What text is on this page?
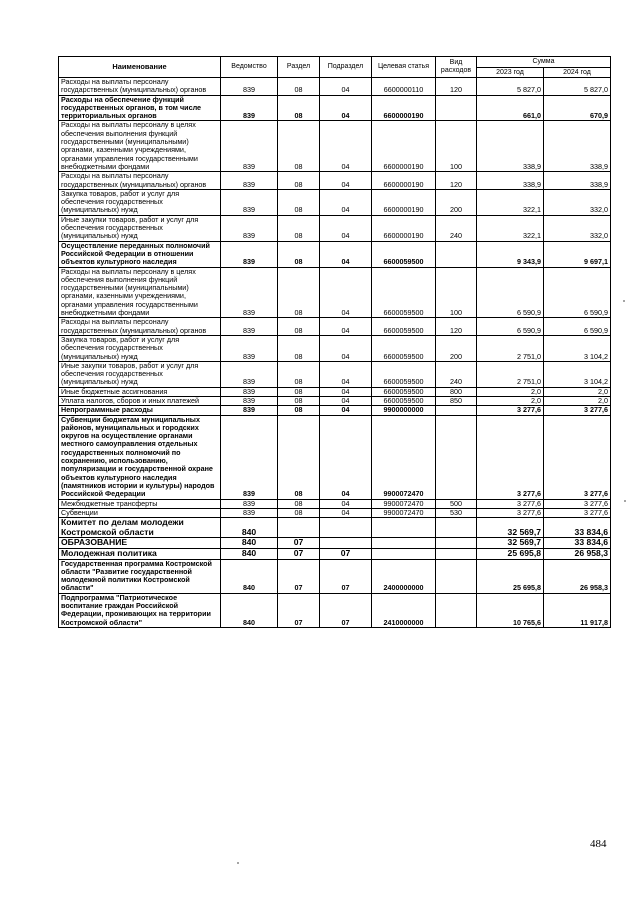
Наименование	Ведомство	Раздел	Подраздел	Целевая статья	Вид расходов	Сумма	
						2023 год	2024 год
Расходы на выплаты персоналу государственных (муниципальных) органов	839	08	04	6600000110	120	5 827,0	5 827,0
Расходы на обеспечение функций государственных органов, в том числе территориальных органов	839	08	04	6600000190		661,0	670,9
Расходы на выплаты персоналу в целях обеспечения выполнения функций государственными (муниципальными) органами, казенными учреждениями, органами управления государственными внебюджетными фондами	839	08	04	6600000190	100	338,9	338,9
Расходы на выплаты персоналу государственных (муниципальных) органов	839	08	04	6600000190	120	338,9	338,9
Закупка товаров, работ и услуг для обеспечения государственных (муниципальных) нужд	839	08	04	6600000190	200	322,1	332,0
Иные закупки товаров, работ и услуг для обеспечения государственных (муниципальных) нужд	839	08	04	6600000190	240	322,1	332,0
Осуществление переданных полномочий Российской Федерации в отношении объектов культурного наследия	839	08	04	6600059500		9 343,9	9 697,1
Расходы на выплаты персоналу в целях обеспечения выполнения функций государственными (муниципальными) органами, казенными учреждениями, органами управления государственными внебюджетными фондами	839	08	04	6600059500	100	6 590,9	6 590,9
Расходы на выплаты персоналу государственных (муниципальных) органов	839	08	04	6600059500	120	6 590,9	6 590,9
Закупка товаров, работ и услуг для обеспечения государственных (муниципальных) нужд	839	08	04	6600059500	200	2 751,0	3 104,2
Иные закупки товаров, работ и услуг для обеспечения государственных (муниципальных) нужд	839	08	04	6600059500	240	2 751,0	3 104,2
Иные бюджетные ассигнования	839	08	04	6600059500	800	2,0	2,0
Уплата налогов, сборов и иных платежей	839	08	04	6600059500	850	2,0	2,0
Непрограммные расходы	839	08	04	9900000000		3 277,6	3 277,6
Субвенции бюджетам муниципальных районов, муниципальных и городских округов на осуществление органами местного самоуправления отдельных государственных полномочий по сохранению, использованию, популяризации и государственной охране объектов культурного наследия (памятников истории и культуры) народов Российской Федерации	839	08	04	9900072470		3 277,6	3 277,6
Межбюджетные трансферты	839	08	04	9900072470	500	3 277,6	3 277,6
Субвенции	839	08	04	9900072470	530	3 277,6	3 277,6
Комитет по делам молодежи Костромской области	840					32 569,7	33 834,6
ОБРАЗОВАНИЕ	840	07				32 569,7	33 834,6
Молодежная политика	840	07	07			25 695,8	26 958,3
Государственная программа Костромской области "Развитие государственной молодежной политики Костромской области"	840	07	07	2400000000		25 695,8	26 958,3
Подпрограмма "Патриотическое воспитание граждан Российской Федерации, проживающих на территории Костромской области"	840	07	07	2410000000		10 765,6	11 917,8
484
